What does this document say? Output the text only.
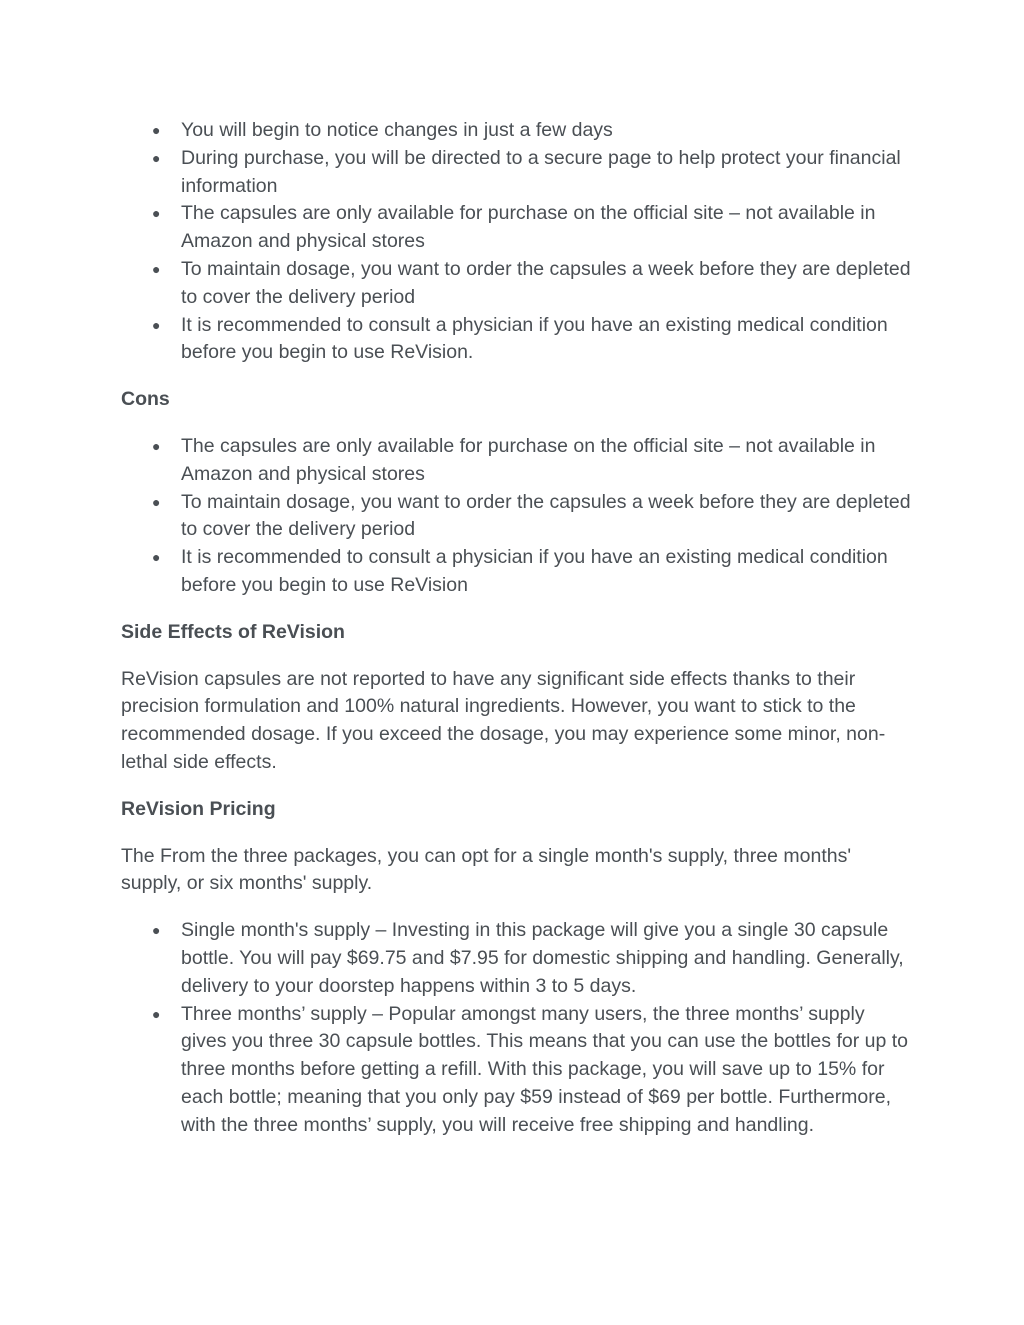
● You will begin to notice changes in just a few days
● During purchase, you will be directed to a secure page to help protect your financial information
● The capsules are only available for purchase on the official site – not available in Amazon and physical stores
● To maintain dosage, you want to order the capsules a week before they are depleted to cover the delivery period
● It is recommended to consult a physician if you have an existing medical condition before you begin to use ReVision.
Cons
● The capsules are only available for purchase on the official site – not available in Amazon and physical stores
● To maintain dosage, you want to order the capsules a week before they are depleted to cover the delivery period
● It is recommended to consult a physician if you have an existing medical condition before you begin to use ReVision
Side Effects of ReVision
ReVision capsules are not reported to have any significant side effects thanks to their precision formulation and 100% natural ingredients. However, you want to stick to the recommended dosage. If you exceed the dosage, you may experience some minor, non-lethal side effects.
ReVision Pricing
The From the three packages, you can opt for a single month's supply, three months' supply, or six months' supply.
● Single month's supply – Investing in this package will give you a single 30 capsule bottle. You will pay $69.75 and $7.95 for domestic shipping and handling. Generally, delivery to your doorstep happens within 3 to 5 days.
● Three months’ supply – Popular amongst many users, the three months’ supply gives you three 30 capsule bottles. This means that you can use the bottles for up to three months before getting a refill. With this package, you will save up to 15% for each bottle; meaning that you only pay $59 instead of $69 per bottle. Furthermore, with the three months’ supply, you will receive free shipping and handling.
